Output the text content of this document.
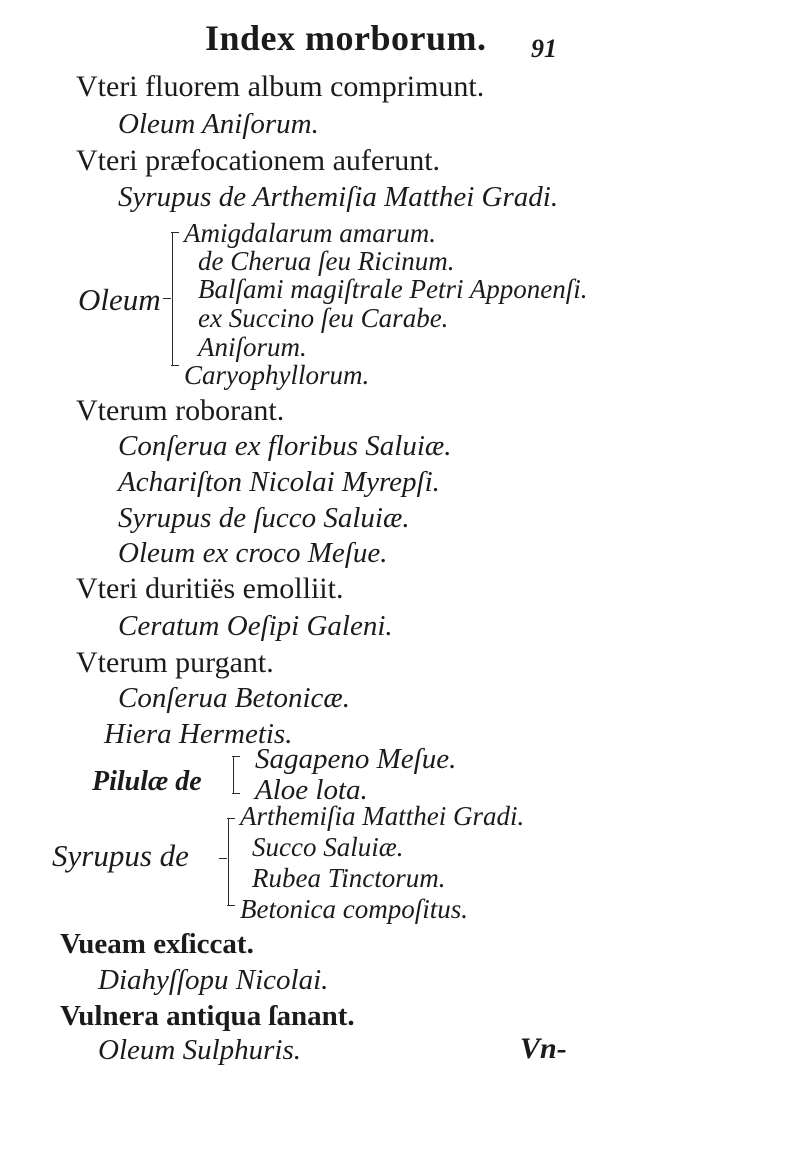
Index morborum. 91
Vteri fluorem album comprimunt.
Oleum Aniſorum.
Vteri præfocationem auferunt.
Syrupus de Arthemiſia Matthei Gradi.
Oleum
Amigdalarum amarum.
de Cherua ſeu Ricinum.
Balſami magiſtrale Petri Apponenſi.
ex Succino ſeu Carabe.
Aniſorum.
Caryophyllorum.
Vterum roborant.
Conſerua ex floribus Saluiæ.
Achariſton Nicolai Myrepſi.
Syrupus de ſucco Saluiæ.
Oleum ex croco Meſue.
Vteri duritiës emolliit.
Ceratum Oeſipi Galeni.
Vterum purgant.
Conſerua Betonicæ.
Hiera Hermetis.
Pilulæ de
Sagapeno Meſue.
Aloe lota.
Syrupus de
Arthemiſia Matthei Gradi.
Succo Saluiæ.
Rubea Tinctorum.
Betonica compoſitus.
Vueam exſiccat.
Diahyſſopu Nicolai.
Vulnera antiqua ſanant.
Oleum Sulphuris.	Vn-
